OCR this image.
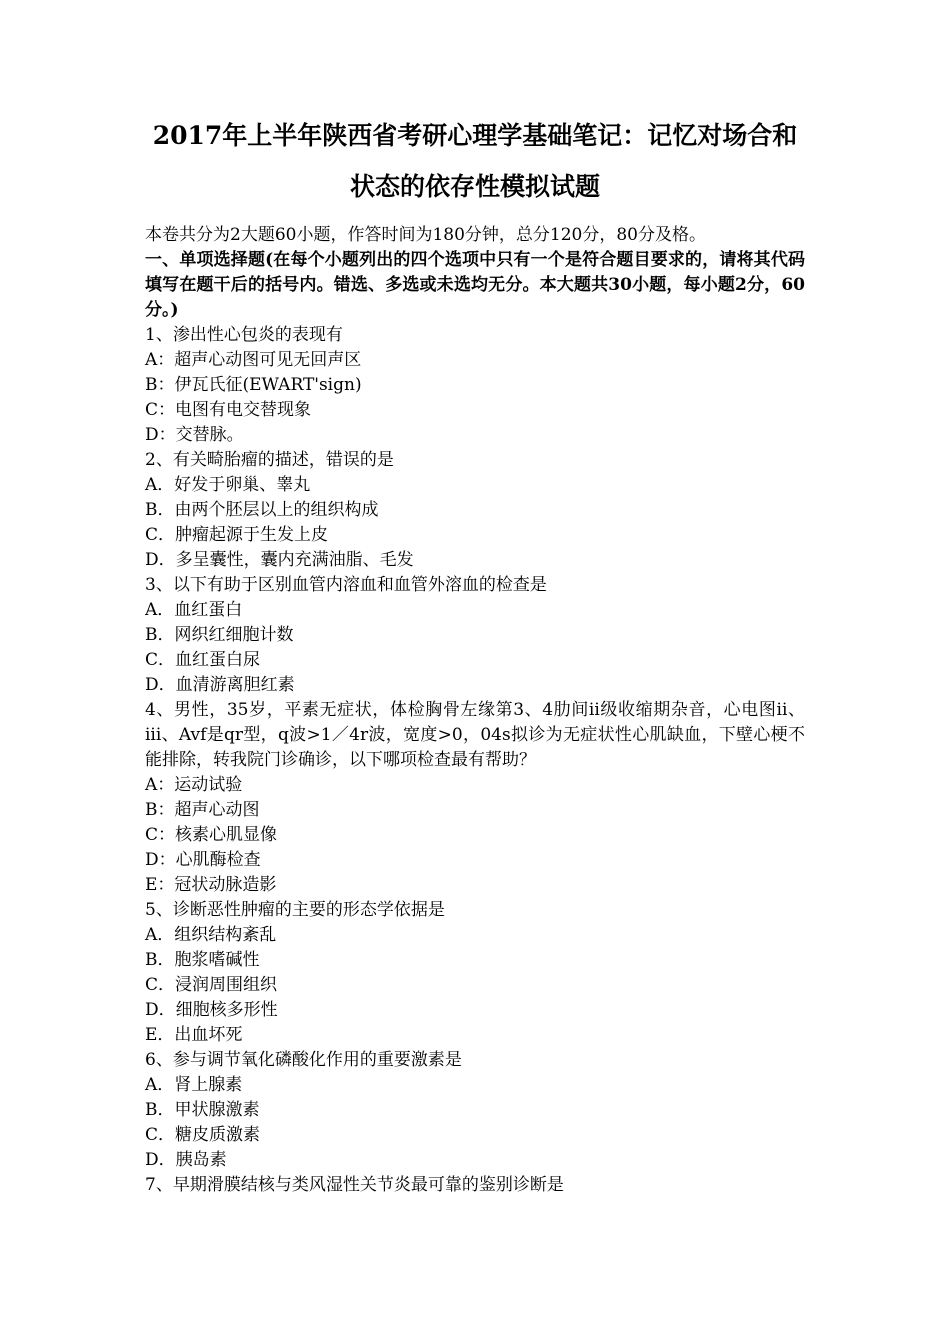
2017年上半年陕西省考研心理学基础笔记：记忆对场合和
状态的依存性模拟试题

本卷共分为2大题60小题，作答时间为180分钟，总分120分，80分及格。

一、单项选择题(在每个小题列出的四个选项中只有一个是符合题目要求的，请将其代码填写在题干后的括号内。错选、多选或未选均无分。本大题共30小题，每小题2分，60分。)

1、渗出性心包炎的表现有

A：超声心动图可见无回声区

B：伊瓦氏征(EWART'sign)

C：电图有电交替现象

D：交替脉。

2、有关畸胎瘤的描述，错误的是

A．好发于卵巢、睾丸

B．由两个胚层以上的组织构成

C．肿瘤起源于生发上皮

D．多呈囊性，囊内充满油脂、毛发

3、以下有助于区别血管内溶血和血管外溶血的检查是

A．血红蛋白

B．网织红细胞计数

C．血红蛋白尿

D．血清游离胆红素

4、男性，35岁，平素无症状，体检胸骨左缘第3、4肋间ii级收缩期杂音，心电图ii、iii、Avf是qr型，q波>1／4r波，宽度>0，04s拟诊为无症状性心肌缺血，下壁心梗不能排除，转我院门诊确诊，以下哪项检查最有帮助？

A：运动试验

B：超声心动图

C：核素心肌显像

D：心肌酶检查

E：冠状动脉造影

5、诊断恶性肿瘤的主要的形态学依据是

A．组织结构紊乱

B．胞浆嗜碱性

C．浸润周围组织

D．细胞核多形性

E．出血坏死

6、参与调节氧化磷酸化作用的重要激素是

A．肾上腺素

B．甲状腺激素

C．糖皮质激素

D．胰岛素

7、早期滑膜结核与类风湿性关节炎最可靠的鉴别诊断是
